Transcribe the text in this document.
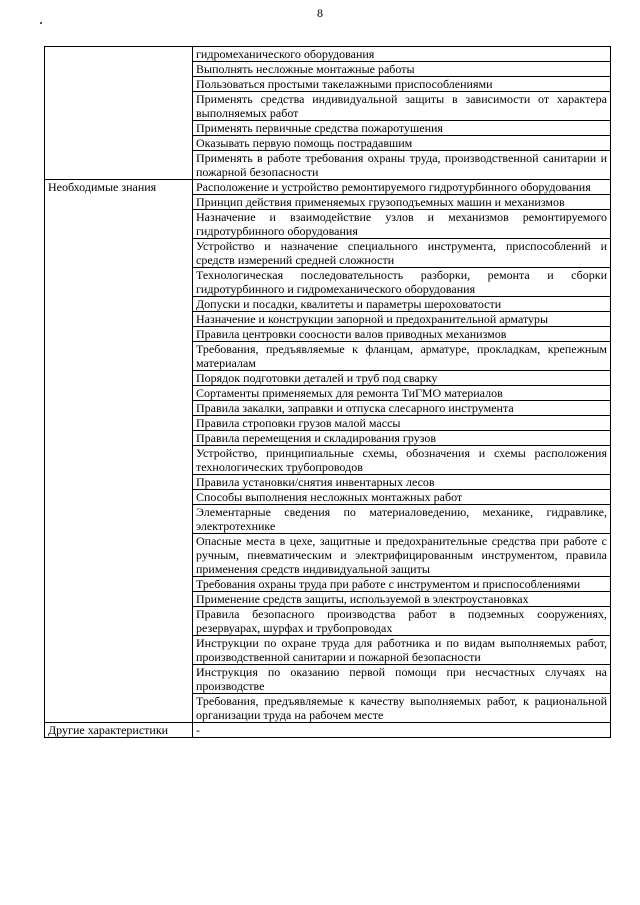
8
	гидромеханического оборудования
	Выполнять несложные монтажные работы
	Пользоваться простыми такелажными приспособлениями
	Применять средства индивидуальной защиты в зависимости от характера выполняемых работ
	Применять первичные средства пожаротушения
	Оказывать первую помощь пострадавшим
	Применять в работе требования охраны труда, производственной санитарии и пожарной безопасности
Необходимые знания	Расположение и устройство ремонтируемого гидротурбинного оборудования
	Принцип действия применяемых грузоподъемных машин и механизмов
	Назначение и взаимодействие узлов и механизмов ремонтируемого гидротурбинного оборудования
	Устройство и назначение специального инструмента, приспособлений и средств измерений средней сложности
	Технологическая последовательность разборки, ремонта и сборки гидротурбинного и гидромеханического оборудования
	Допуски и посадки, квалитеты и параметры шероховатости
	Назначение и конструкции запорной и предохранительной арматуры
	Правила центровки соосности валов приводных механизмов
	Требования, предъявляемые к фланцам, арматуре, прокладкам, крепежным материалам
	Порядок подготовки деталей и труб под сварку
	Сортаменты применяемых для ремонта ТиГМО материалов
	Правила закалки, заправки и отпуска слесарного инструмента
	Правила строповки грузов малой массы
	Правила перемещения и складирования грузов
	Устройство, принципиальные схемы, обозначения и схемы расположения технологических трубопроводов
	Правила установки/снятия инвентарных лесов
	Способы выполнения несложных монтажных работ
	Элементарные сведения по материаловедению, механике, гидравлике, электротехнике
	Опасные места в цехе, защитные и предохранительные средства при работе с ручным, пневматическим и электрифицированным инструментом, правила применения средств индивидуальной защиты
	Требования охраны труда при работе с инструментом и приспособлениями
	Применение средств защиты, используемой в электроустановках
	Правила безопасного производства работ в подземных сооружениях, резервуарах, шурфах и трубопроводах
	Инструкции по охране труда для работника и по видам выполняемых работ, производственной санитарии и пожарной безопасности
	Инструкция по оказанию первой помощи при несчастных случаях на производстве
	Требования, предъявляемые к качеству выполняемых работ, к рациональной организации труда на рабочем месте
Другие характеристики	-
